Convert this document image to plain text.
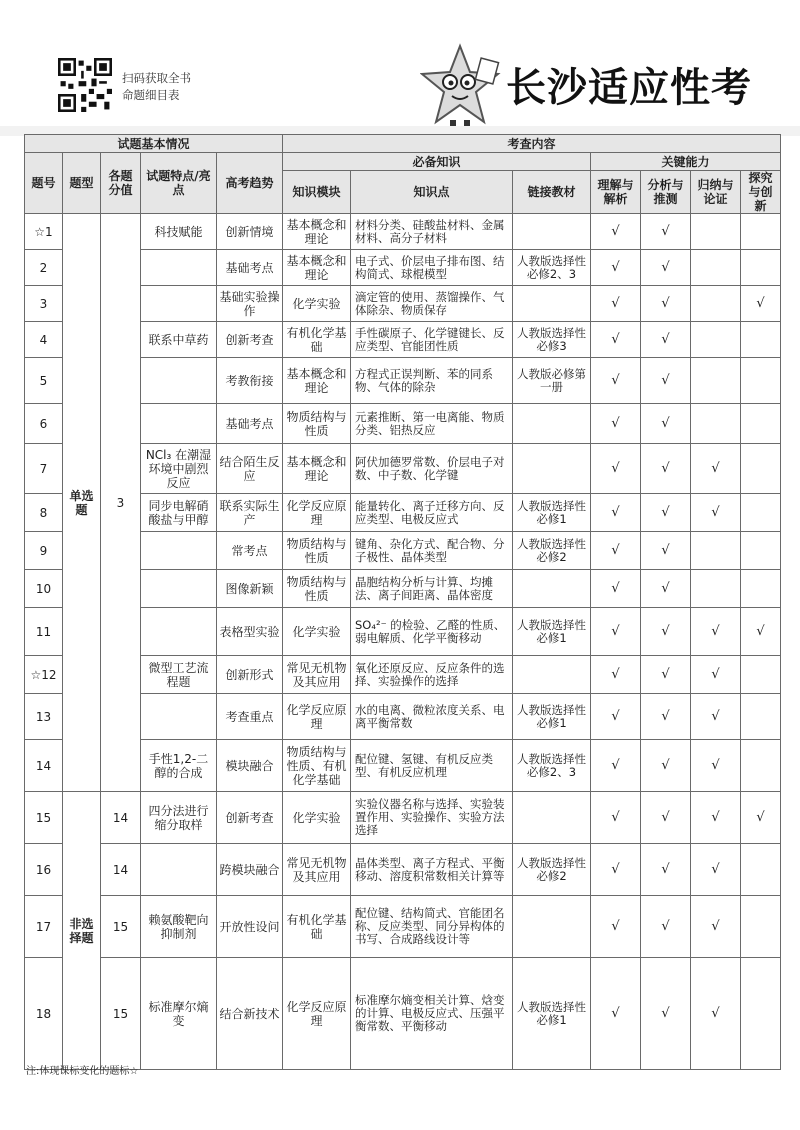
扫码获取全书
命题细目表	长沙适应性考
试题基本情况					考查内容						
题号	题型	各题分值	试题特点/亮点	高考趋势	必备知识			关键能力			
					知识模块	知识点	链接教材	理解与解析	分析与推测	归纳与论证	探究与创新
☆1	单选题	3	科技赋能	创新情境	基本概念和理论	材料分类、硅酸盐材料、金属材料、高分子材料		√	√		
2				基础考点	基本概念和理论	电子式、价层电子排布图、结构简式、球棍模型	人教版选择性必修2、3	√	√		
3				基础实验操作	化学实验	滴定管的使用、蒸馏操作、气体除杂、物质保存		√	√		√
4			联系中草药	创新考查	有机化学基础	手性碳原子、化学键键长、反应类型、官能团性质	人教版选择性必修3	√	√		
5				考教衔接	基本概念和理论	方程式正误判断、苯的同系物、气体的除杂	人教版必修第一册	√	√		
6				基础考点	物质结构与性质	元素推断、第一电离能、物质分类、铝热反应		√	√		
7			NCl₃ 在潮湿环境中剧烈反应	结合陌生反应	基本概念和理论	阿伏加德罗常数、价层电子对数、中子数、化学键		√	√	√	
8			同步电解硝酸盐与甲醇	联系实际生产	化学反应原理	能量转化、离子迁移方向、反应类型、电极反应式	人教版选择性必修1	√	√	√	
9				常考点	物质结构与性质	键角、杂化方式、配合物、分子极性、晶体类型	人教版选择性必修2	√	√		
10				图像新颖	物质结构与性质	晶胞结构分析与计算、均摊法、离子间距离、晶体密度		√	√		
11				表格型实验	化学实验	SO₄²⁻ 的检验、乙醛的性质、弱电解质、化学平衡移动	人教版选择性必修1	√	√	√	√
☆12			微型工艺流程题	创新形式	常见无机物及其应用	氧化还原反应、反应条件的选择、实验操作的选择		√	√	√	
13				考查重点	化学反应原理	水的电离、微粒浓度关系、电离平衡常数	人教版选择性必修1	√	√	√	
14			手性1,2-二醇的合成	模块融合	物质结构与性质、有机化学基础	配位键、氢键、有机反应类型、有机反应机理	人教版选择性必修2、3	√	√	√	
15	非选择题	14	四分法进行缩分取样	创新考查	化学实验	实验仪器名称与选择、实验装置作用、实验操作、实验方法选择		√	√	√	√
16		14		跨模块融合	常见无机物及其应用	晶体类型、离子方程式、平衡移动、溶度积常数相关计算等	人教版选择性必修2	√	√	√	
17		15	赖氨酸靶向抑制剂	开放性设问	有机化学基础	配位键、结构简式、官能团名称、反应类型、同分异构体的书写、合成路线设计等		√	√	√	
18		15	标准摩尔熵变	结合新技术	化学反应原理	标准摩尔熵变相关计算、焓变的计算、电极反应式、压强平衡常数、平衡移动	人教版选择性必修1	√	√	√	
注:体现课标变化的题标☆
